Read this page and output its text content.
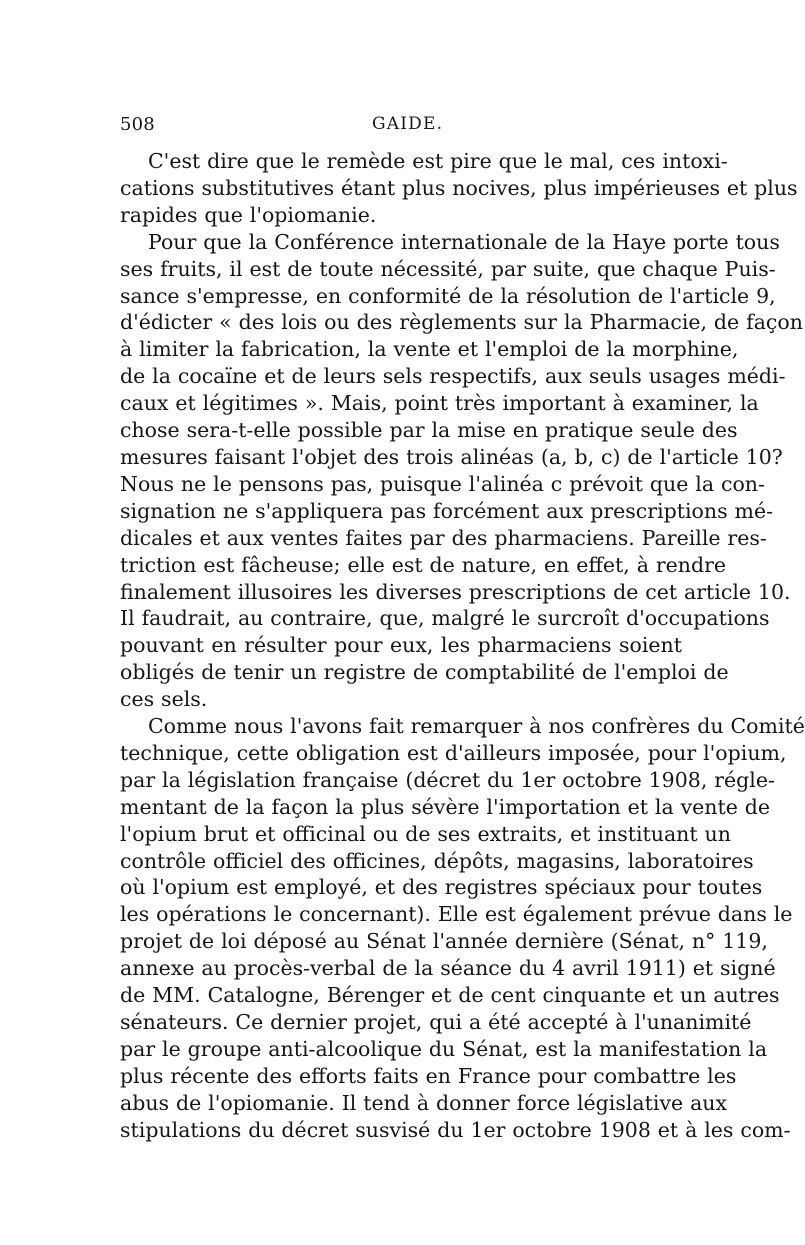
508	GAIDE.
C'est dire que le remède est pire que le mal, ces intoxi-
cations substitutives étant plus nocives, plus impérieuses et plus
rapides que l'opiomanie.
Pour que la Conférence internationale de la Haye porte tous
ses fruits, il est de toute nécessité, par suite, que chaque Puis-
sance s'empresse, en conformité de la résolution de l'article 9,
d'édicter « des lois ou des règlements sur la Pharmacie, de façon
à limiter la fabrication, la vente et l'emploi de la morphine,
de la cocaïne et de leurs sels respectifs, aux seuls usages médi-
caux et légitimes ». Mais, point très important à examiner, la
chose sera-t-elle possible par la mise en pratique seule des
mesures faisant l'objet des trois alinéas (a, b, c) de l'article 10?
Nous ne le pensons pas, puisque l'alinéa c prévoit que la con-
signation ne s'appliquera pas forcément aux prescriptions mé-
dicales et aux ventes faites par des pharmaciens. Pareille res-
triction est fâcheuse; elle est de nature, en effet, à rendre
finalement illusoires les diverses prescriptions de cet article 10.
Il faudrait, au contraire, que, malgré le surcroît d'occupations
pouvant en résulter pour eux, les pharmaciens soient
obligés de tenir un registre de comptabilité de l'emploi de
ces sels.
Comme nous l'avons fait remarquer à nos confrères du Comité
technique, cette obligation est d'ailleurs imposée, pour l'opium,
par la législation française (décret du 1er octobre 1908, régle-
mentant de la façon la plus sévère l'importation et la vente de
l'opium brut et officinal ou de ses extraits, et instituant un
contrôle officiel des officines, dépôts, magasins, laboratoires
où l'opium est employé, et des registres spéciaux pour toutes
les opérations le concernant). Elle est également prévue dans le
projet de loi déposé au Sénat l'année dernière (Sénat, n° 119,
annexe au procès-verbal de la séance du 4 avril 1911) et signé
de MM. Catalogne, Bérenger et de cent cinquante et un autres
sénateurs. Ce dernier projet, qui a été accepté à l'unanimité
par le groupe anti-alcoolique du Sénat, est la manifestation la
plus récente des efforts faits en France pour combattre les
abus de l'opiomanie. Il tend à donner force législative aux
stipulations du décret susvisé du 1er octobre 1908 et à les com-
